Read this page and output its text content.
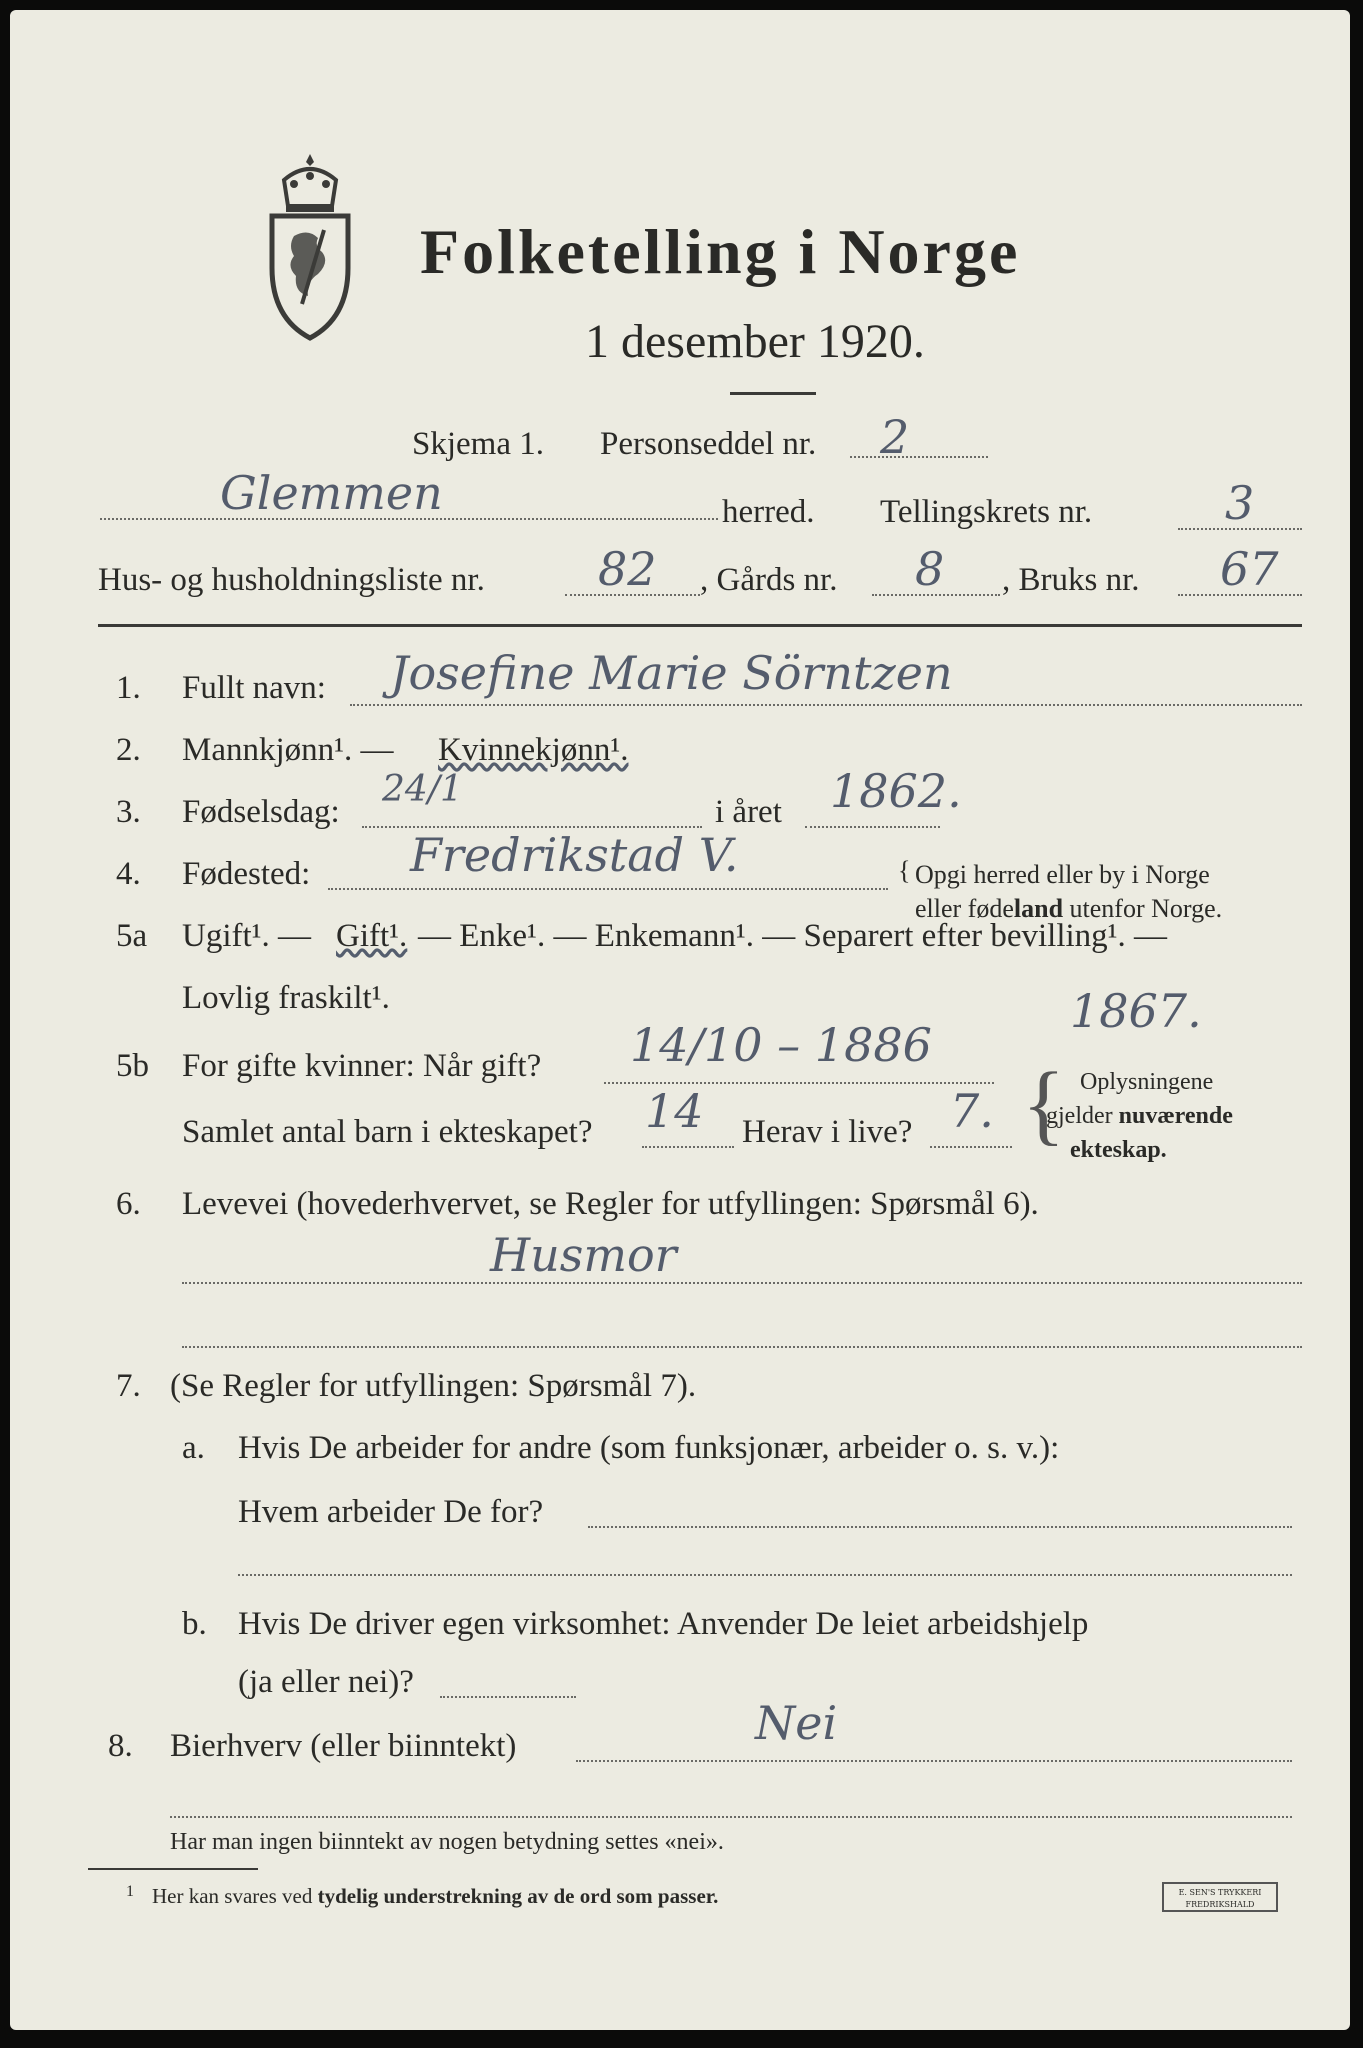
Folketelling i Norge
1 desember 1920.
Skjema 1. Personseddel nr. 2
Glemmen	herred. Tellingskrets nr.	3
Hus- og husholdningsliste nr. 82 , Gårds nr. 8 , Bruks nr. 67
1. Fullt navn: Josefine Marie Sörntzen
2. Mannkjønn¹. — Kvinnekjønn¹.
3. Fødselsdag:
24/1
i året 1862.
4. Fødested: Fredrikstad V.	{ Opgi herred eller by i Norge
eller fødeland utenfor Norge.
5a Ugift¹. — Gift¹. — Enke¹. — Enkemann¹. — Separert efter bevilling¹. —
Lovlig fraskilt¹.
5b For gifte kvinner: Når gift? 14/10 – 1886
1867.
Samlet antal barn i ekteskapet? 14 Herav i live? 7. { Oplysningene
gjelder nuværende
ekteskap.
6. Levevei (hovederhvervet, se Regler for utfyllingen: Spørsmål 6).
Husmor
7. (Se Regler for utfyllingen: Spørsmål 7).
a. Hvis De arbeider for andre (som funksjonær, arbeider o. s. v.):
Hvem arbeider De for?
b. Hvis De driver egen virksomhet: Anvender De leiet arbeidshjelp
(ja eller nei)?
8. Bierhverv (eller biinntekt)	Nei
Har man ingen biinntekt av nogen betydning settes «nei».
1 Her kan svares ved tydelig understrekning av de ord som passer.	E. SEN'S TRYKKERI FREDRIKSHALD
